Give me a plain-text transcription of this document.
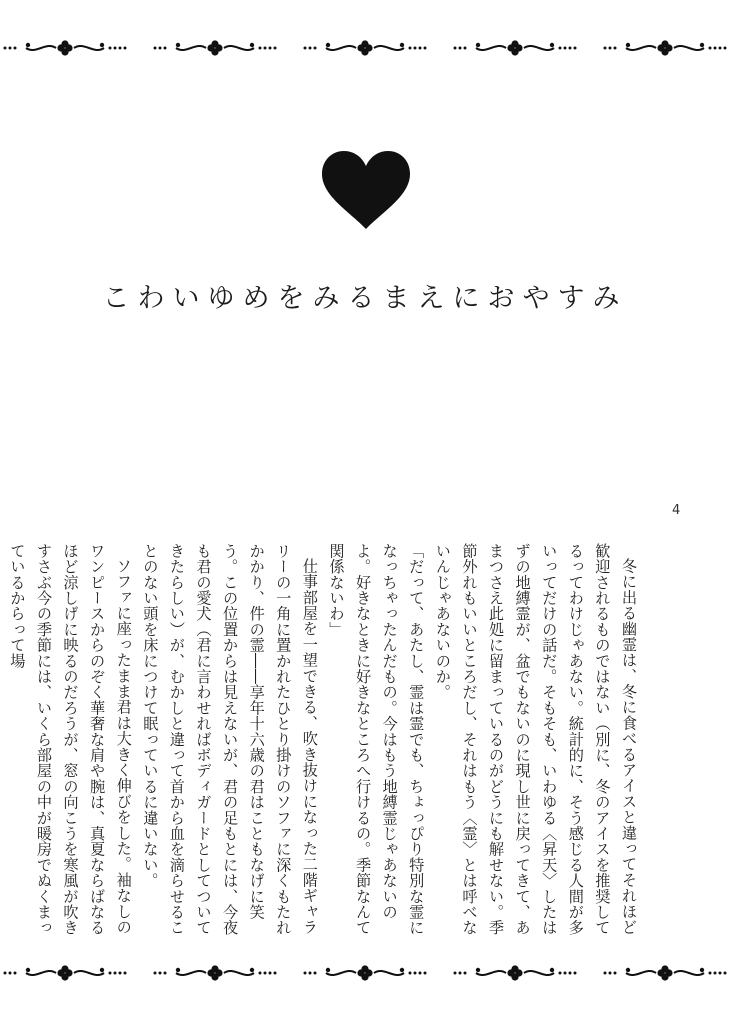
こわいゆめをみるまえにおやすみ
4

冬に出る幽霊は、冬に食べるアイスと違ってそれほど歓迎されるものではない（別に、冬のアイスを推奨してるってわけじゃあない。統計的に、そう感じる人間が多いってだけの話だ。そもそも、いわゆる〈昇天〉したはずの地縛霊が、盆でもないのに現し世に戻ってきて、あまつさえ此処に留まっているのがどうにも解せない。季節外れもいいところだし、それはもう〈霊〉とは呼べないんじゃあないのか。

「だって、あたし、霊は霊でも、ちょっぴり特別な霊になっちゃったんだもの。今はもう地縛霊じゃあないのよ。好きなときに好きなところへ行けるの。季節なんて関係ないわ」

仕事部屋を一望できる、吹き抜けになった二階ギャラリーの一角に置かれたひとり掛けのソファに深くもたれかかり、件の霊――享年十六歳の君はこともなげに笑う。この位置からは見えないが、君の足もとには、今夜も君の愛犬（君に言わせればボディガードとしてついてきたらしい）が、むかしと違って首から血を滴らせることのない頭を床につけて眠っているに違いない。

ソファに座ったまま君は大きく伸びをした。袖なしのワンピースからのぞく華奢な肩や腕は、真夏ならばなるほど涼しげに映るのだろうが、窓の向こうを寒風が吹きすさぶ今の季節には、いくら部屋の中が暖房でぬくまっているからって場
